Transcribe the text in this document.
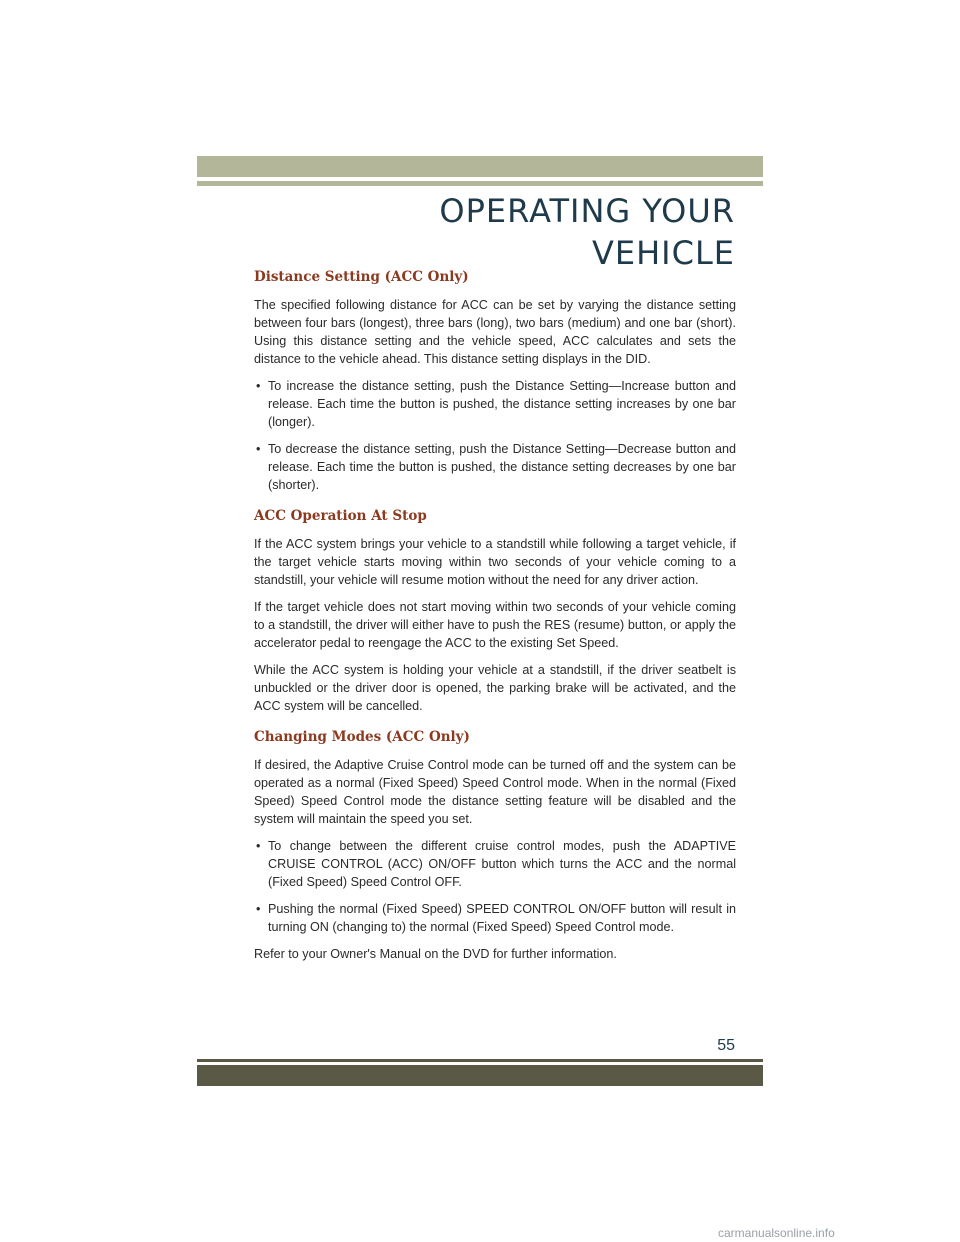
OPERATING YOUR VEHICLE
Distance Setting (ACC Only)

The specified following distance for ACC can be set by varying the distance setting between four bars (longest), three bars (long), two bars (medium) and one bar (short). Using this distance setting and the vehicle speed, ACC calculates and sets the distance to the vehicle ahead. This distance setting displays in the DID.

• To increase the distance setting, push the Distance Setting—Increase button and release. Each time the button is pushed, the distance setting increases by one bar (longer).
• To decrease the distance setting, push the Distance Setting—Decrease button and release. Each time the button is pushed, the distance setting decreases by one bar (shorter).
ACC Operation At Stop

If the ACC system brings your vehicle to a standstill while following a target vehicle, if the target vehicle starts moving within two seconds of your vehicle coming to a standstill, your vehicle will resume motion without the need for any driver action.

If the target vehicle does not start moving within two seconds of your vehicle coming to a standstill, the driver will either have to push the RES (resume) button, or apply the accelerator pedal to reengage the ACC to the existing Set Speed.

While the ACC system is holding your vehicle at a standstill, if the driver seatbelt is unbuckled or the driver door is opened, the parking brake will be activated, and the ACC system will be cancelled.

Changing Modes (ACC Only)

If desired, the Adaptive Cruise Control mode can be turned off and the system can be operated as a normal (Fixed Speed) Speed Control mode. When in the normal (Fixed Speed) Speed Control mode the distance setting feature will be disabled and the system will maintain the speed you set.

• To change between the different cruise control modes, push the ADAPTIVE CRUISE CONTROL (ACC) ON/OFF button which turns the ACC and the normal (Fixed Speed) Speed Control OFF.
• Pushing the normal (Fixed Speed) SPEED CONTROL ON/OFF button will result in turning ON (changing to) the normal (Fixed Speed) Speed Control mode.

Refer to your Owner's Manual on the DVD for further information.

55
carmanualsonline.info
